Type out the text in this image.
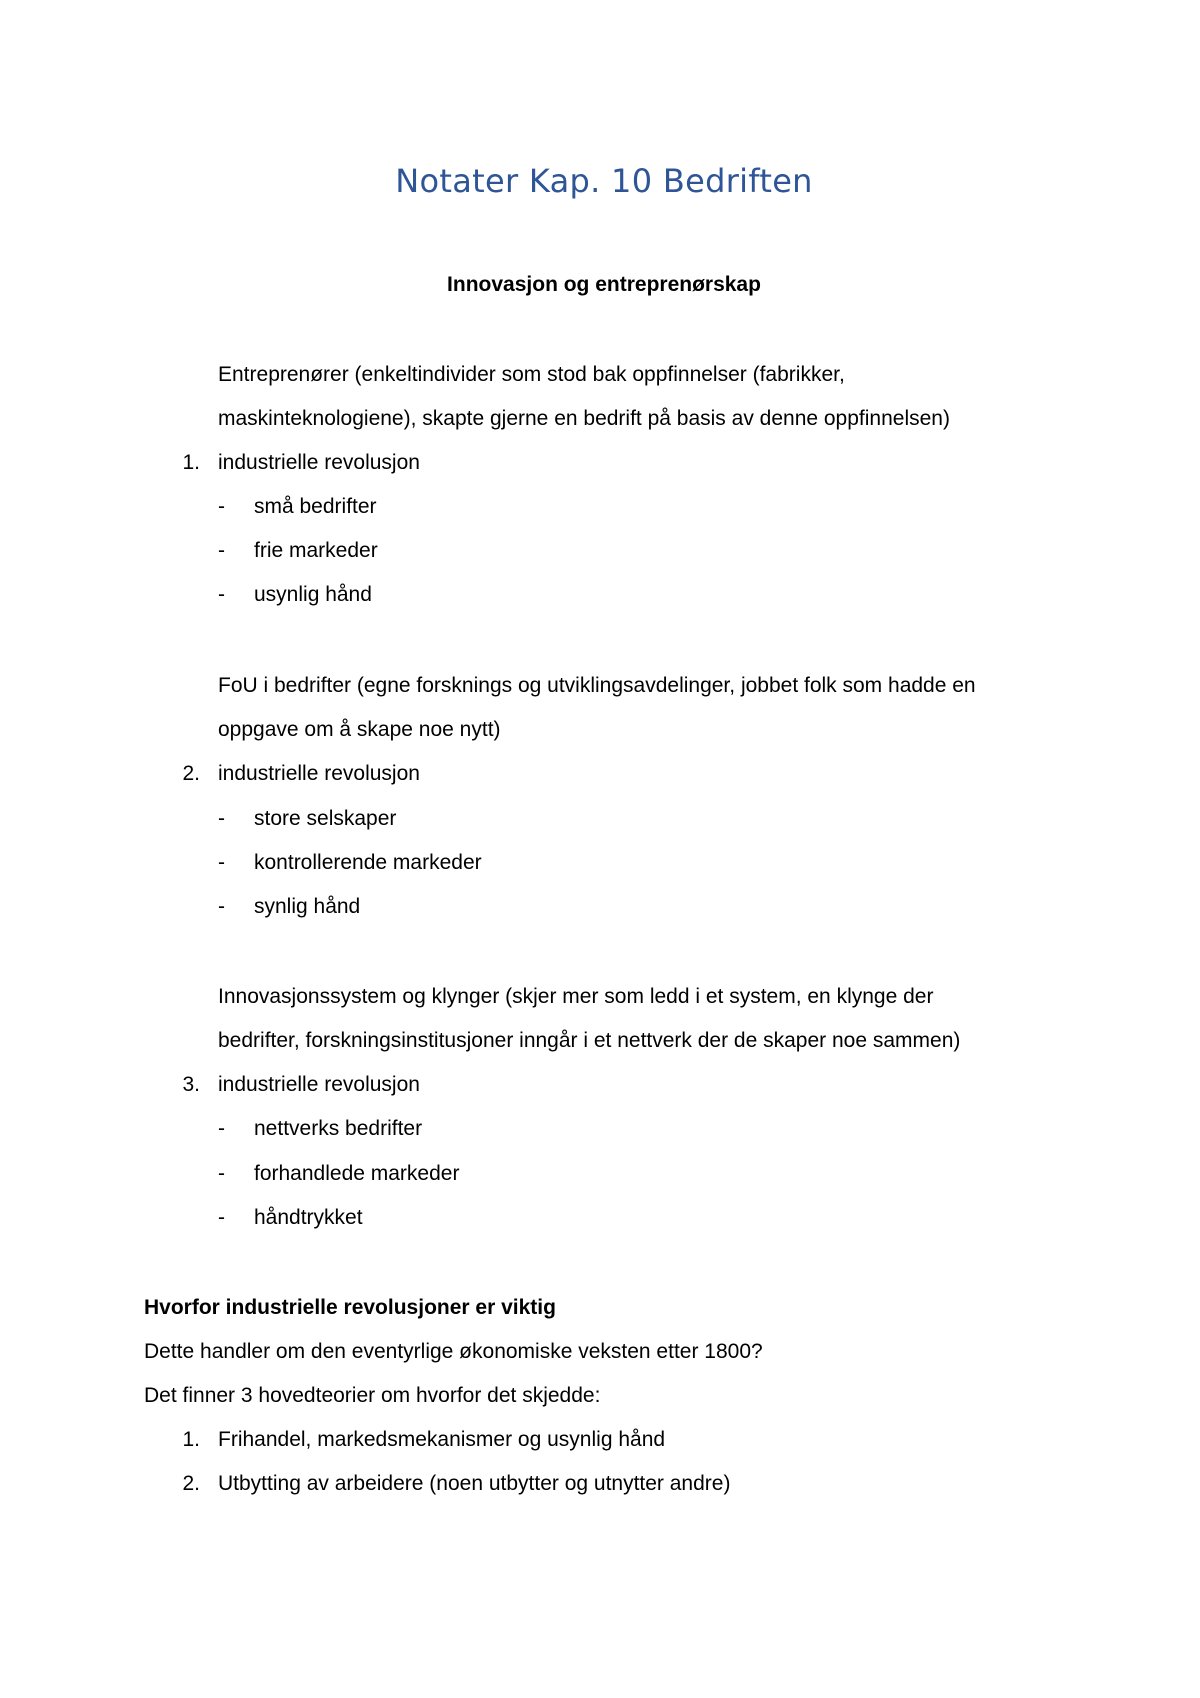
Notater Kap. 10 Bedriften
Innovasjon og entreprenørskap
Entreprenører (enkeltindivider som stod bak oppfinnelser (fabrikker,
maskinteknologiene), skapte gjerne en bedrift på basis av denne oppfinnelsen)
1. industrielle revolusjon
- små bedrifter
- frie markeder
- usynlig hånd
FoU i bedrifter (egne forsknings og utviklingsavdelinger, jobbet folk som hadde en
oppgave om å skape noe nytt)
2. industrielle revolusjon
- store selskaper
- kontrollerende markeder
- synlig hånd
Innovasjonssystem og klynger (skjer mer som ledd i et system, en klynge der
bedrifter, forskningsinstitusjoner inngår i et nettverk der de skaper noe sammen)
3. industrielle revolusjon
- nettverks bedrifter
- forhandlede markeder
- håndtrykket
Hvorfor industrielle revolusjoner er viktig
Dette handler om den eventyrlige økonomiske veksten etter 1800?
Det finner 3 hovedteorier om hvorfor det skjedde:
1. Frihandel, markedsmekanismer og usynlig hånd
2. Utbytting av arbeidere (noen utbytter og utnytter andre)
